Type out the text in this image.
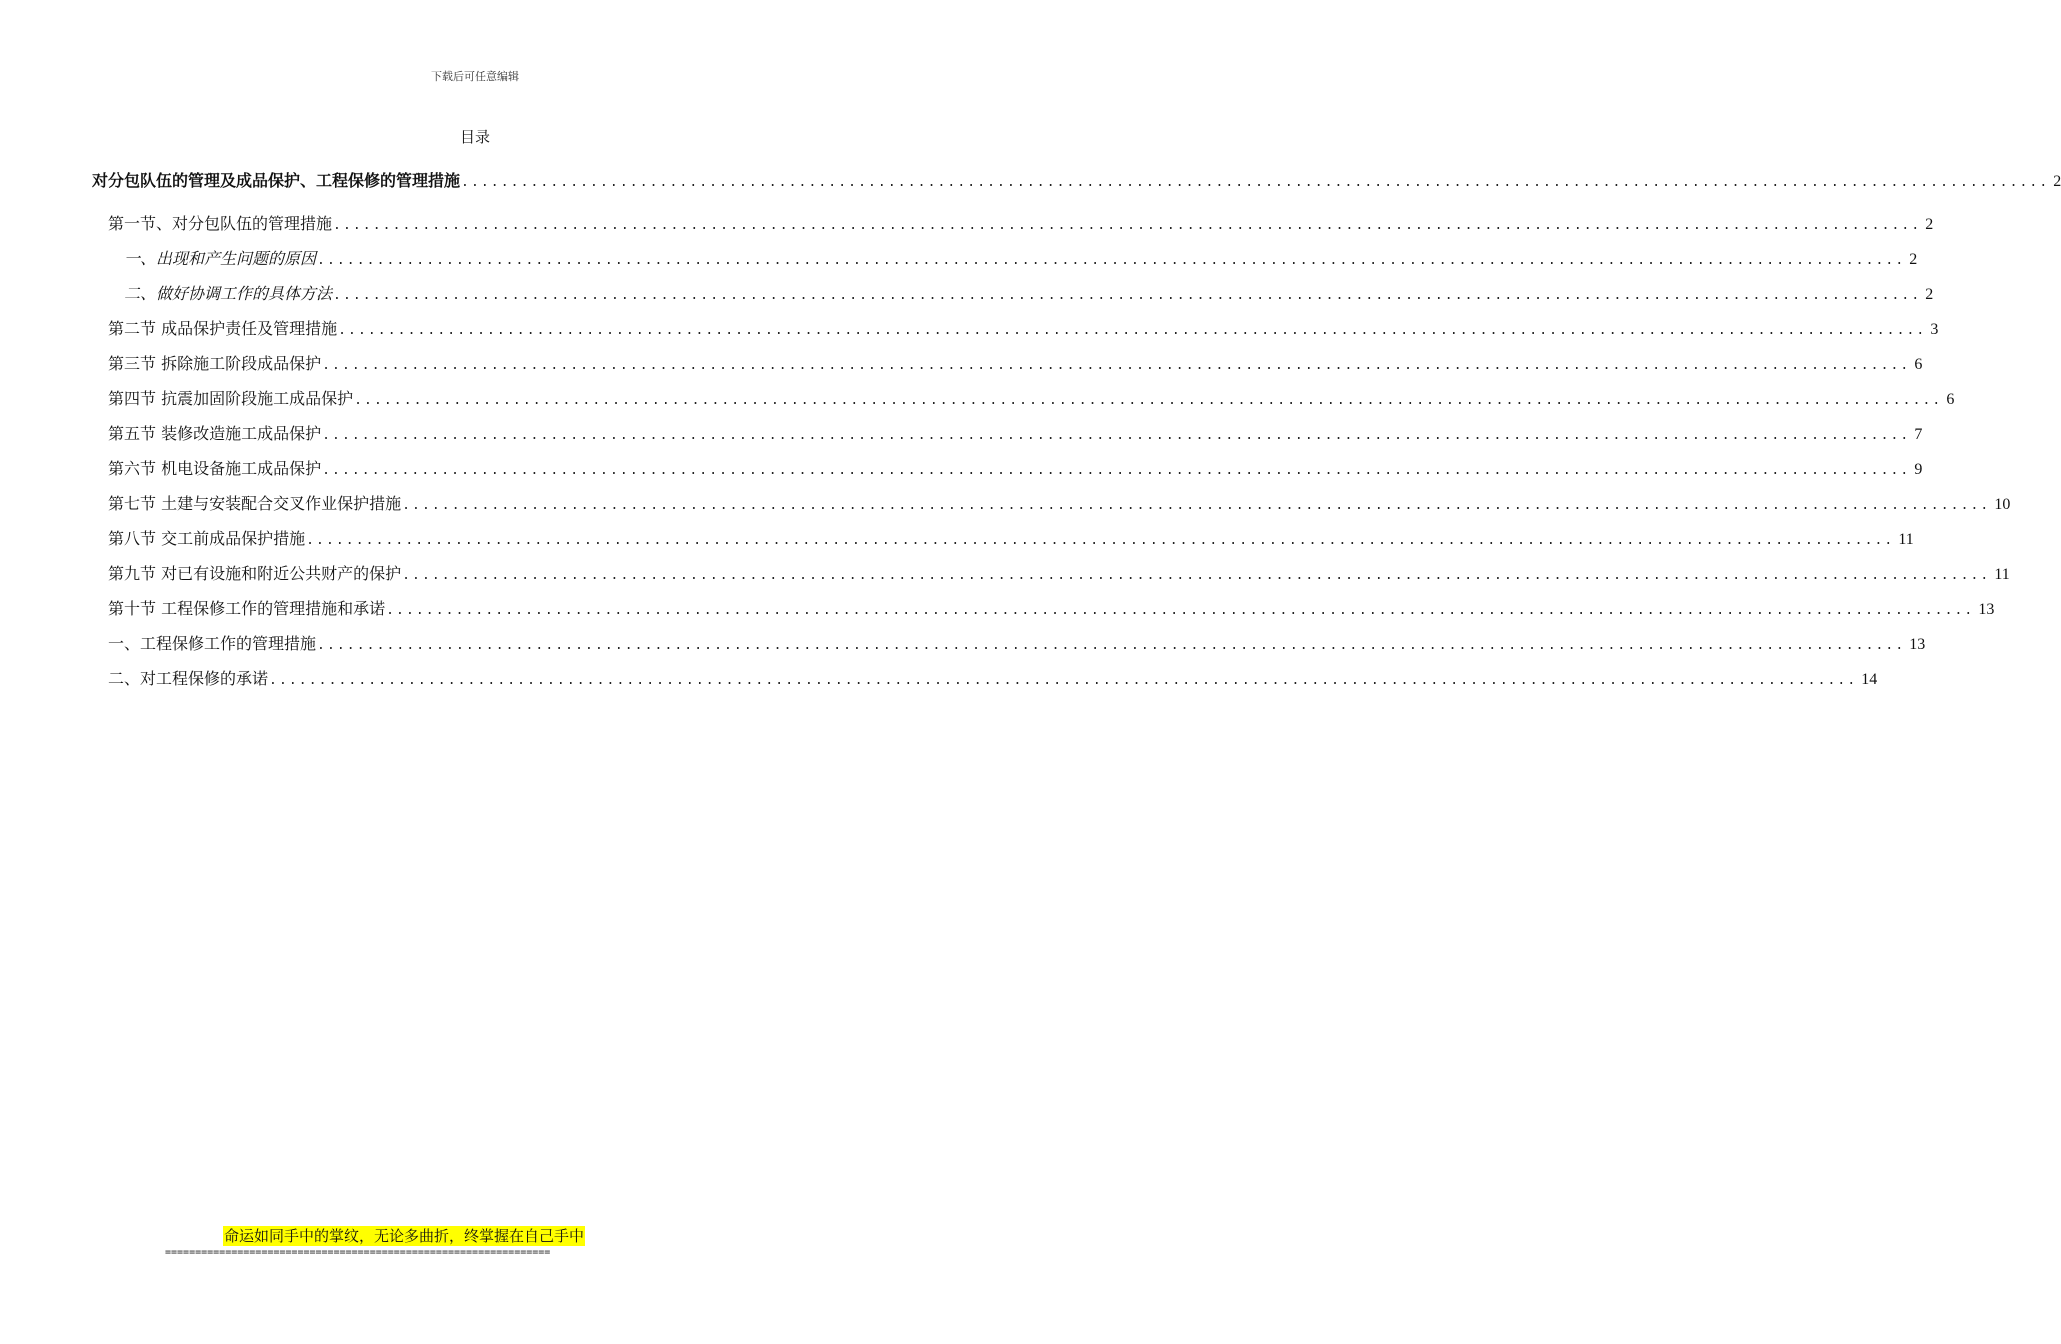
下载后可任意编辑
目录
对分包队伍的管理及成品保护、工程保修的管理措施 ................................................................................................................................................................ 2
第一节、对分包队伍的管理措施 ................................................................................................................................................................ 2
一、出现和产生问题的原因 ................................................................................................................................................................ 2
二、做好协调工作的具体方法 ................................................................................................................................................................ 2
第二节 成品保护责任及管理措施 ................................................................................................................................................................ 3
第三节 拆除施工阶段成品保护 ................................................................................................................................................................ 6
第四节 抗震加固阶段施工成品保护 ................................................................................................................................................................ 6
第五节 装修改造施工成品保护 ................................................................................................................................................................ 7
第六节 机电设备施工成品保护 ................................................................................................................................................................ 9
第七节 土建与安装配合交叉作业保护措施 ................................................................................................................................................................ 10
第八节 交工前成品保护措施 ................................................................................................................................................................ 11
第九节 对已有设施和附近公共财产的保护 ................................................................................................................................................................ 11
第十节 工程保修工作的管理措施和承诺 ................................................................................................................................................................ 13
一、工程保修工作的管理措施 ................................................................................................................................................................ 13
二、对工程保修的承诺 ................................................................................................................................................................ 14
命运如同手中的掌纹，无论多曲折，终掌握在自己手中
================================================================
